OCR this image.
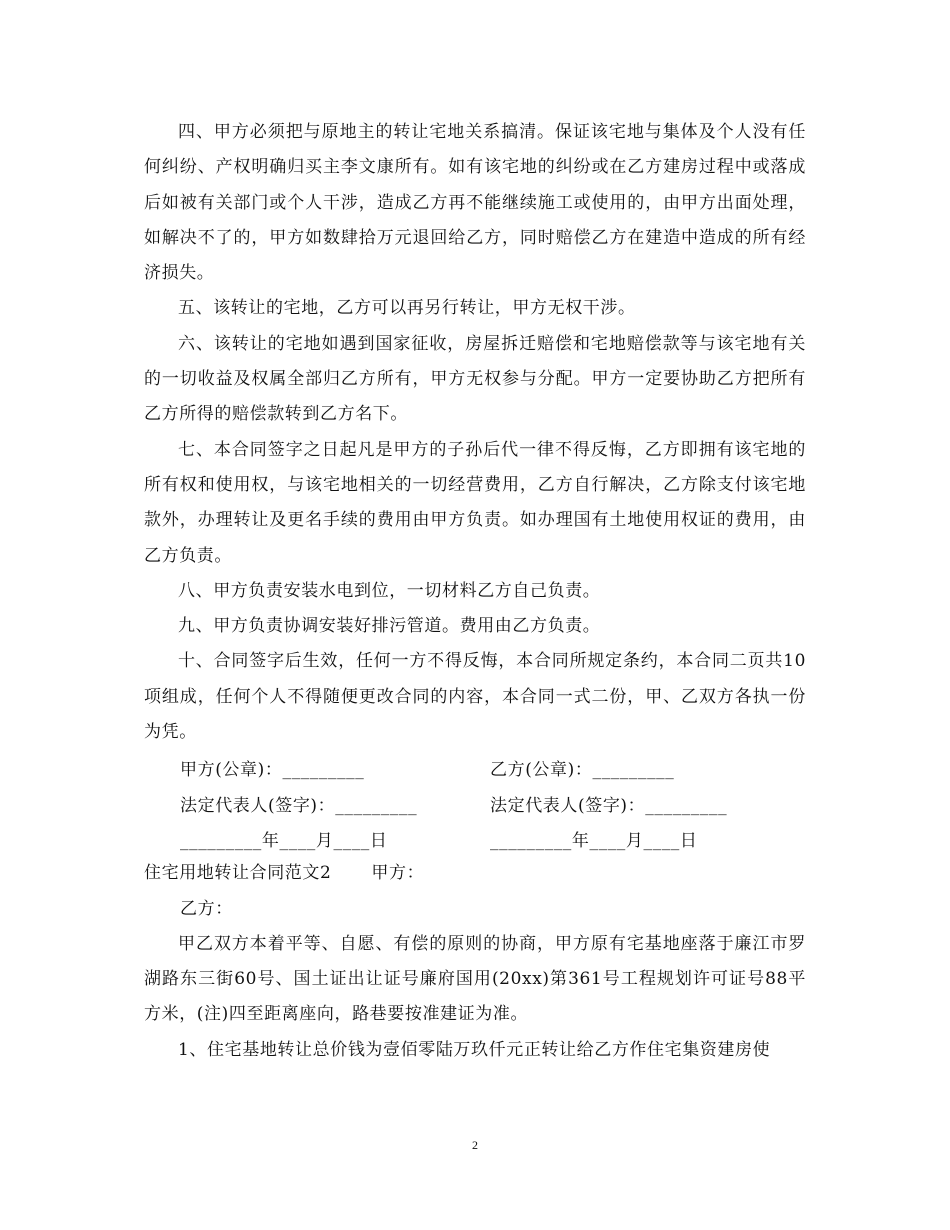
四、甲方必须把与原地主的转让宅地关系搞清。保证该宅地与集体及个人没有任何纠纷、产权明确归买主李文康所有。如有该宅地的纠纷或在乙方建房过程中或落成后如被有关部门或个人干涉，造成乙方再不能继续施工或使用的，由甲方出面处理，如解决不了的，甲方如数肆拾万元退回给乙方，同时赔偿乙方在建造中造成的所有经济损失。

五、该转让的宅地，乙方可以再另行转让，甲方无权干涉。

六、该转让的宅地如遇到国家征收，房屋拆迁赔偿和宅地赔偿款等与该宅地有关的一切收益及权属全部归乙方所有，甲方无权参与分配。甲方一定要协助乙方把所有乙方所得的赔偿款转到乙方名下。

七、本合同签字之日起凡是甲方的子孙后代一律不得反悔，乙方即拥有该宅地的所有权和使用权，与该宅地相关的一切经营费用，乙方自行解决，乙方除支付该宅地款外，办理转让及更名手续的费用由甲方负责。如办理国有土地使用权证的费用，由乙方负责。

八、甲方负责安装水电到位，一切材料乙方自己负责。

九、甲方负责协调安装好排污管道。费用由乙方负责。

十、合同签字后生效，任何一方不得反悔，本合同所规定条约，本合同二页共10项组成，任何个人不得随便更改合同的内容，本合同一式二份，甲、乙双方各执一份为凭。

甲方(公章)：_________	乙方(公章)：_________
法定代表人(签字)：_________	法定代表人(签字)：_________
_________年____月____日	_________年____月____日

住宅用地转让合同范文2 甲方：

乙方：

甲乙双方本着平等、自愿、有偿的原则的协商，甲方原有宅基地座落于廉江市罗湖路东三街60号、国土证出让证号廉府国用(20xx)第361号工程规划许可证号88平方米，(注)四至距离座向，路巷要按准建证为准。

1、住宅基地转让总价钱为壹佰零陆万玖仟元正转让给乙方作住宅集资建房使

2
